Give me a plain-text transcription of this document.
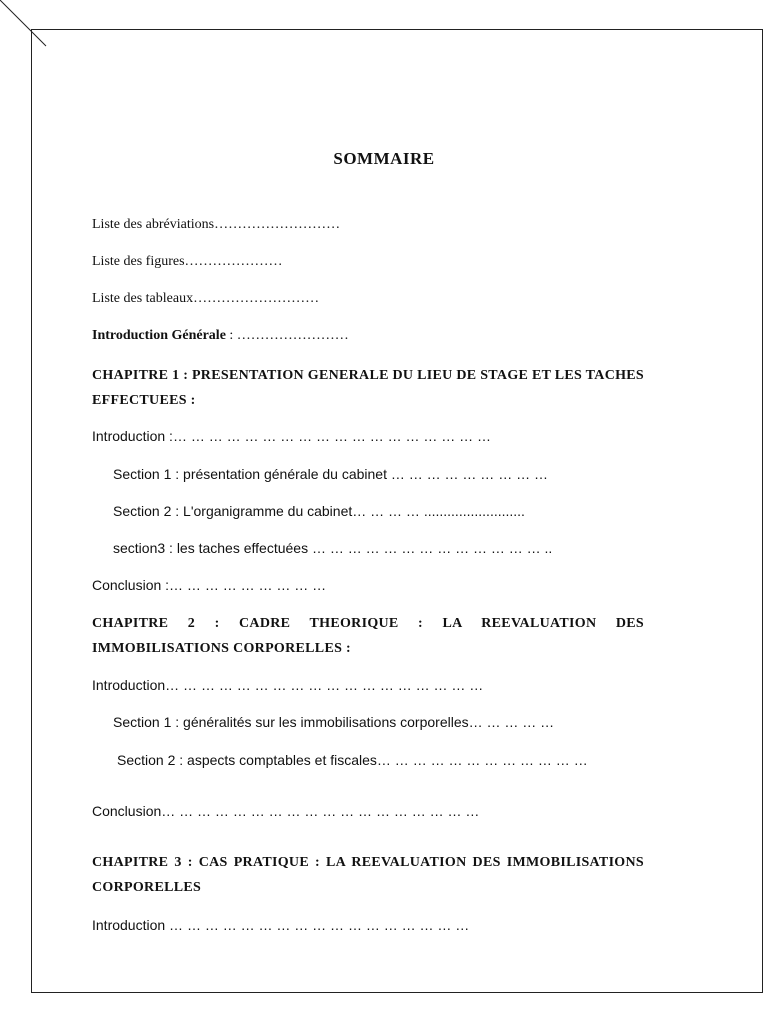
SOMMAIRE
Liste des abréviations………………………
Liste des figures…………………
Liste des tableaux………………………
Introduction Générale : ……………………
CHAPITRE 1 : PRESENTATION GENERALE DU LIEU DE STAGE ET LES TACHES EFFECTUEES :
Introduction :… … … … … … … … … … … … … … … … … …
Section 1 : présentation générale du cabinet … … … … … … … … …
Section 2 : L'organigramme du cabinet… … … … ..........................
section3 : les taches effectuées … … … … … … … … … … … … … ..
Conclusion :… … … … … … … … …
CHAPITRE 2 : CADRE THEORIQUE : LA REEVALUATION DES IMMOBILISATIONS CORPORELLES :
Introduction… … … … … … … … … … … … … … … … … …
Section 1 : généralités sur les immobilisations corporelles… … … … …
Section 2 : aspects comptables et fiscales… … … … … … … … … … … …
Conclusion… … … … … … … … … … … … … … … … … …
CHAPITRE 3 : CAS PRATIQUE : LA REEVALUATION DES IMMOBILISATIONS CORPORELLES
Introduction … … … … … … … … … … … … … … … … …
